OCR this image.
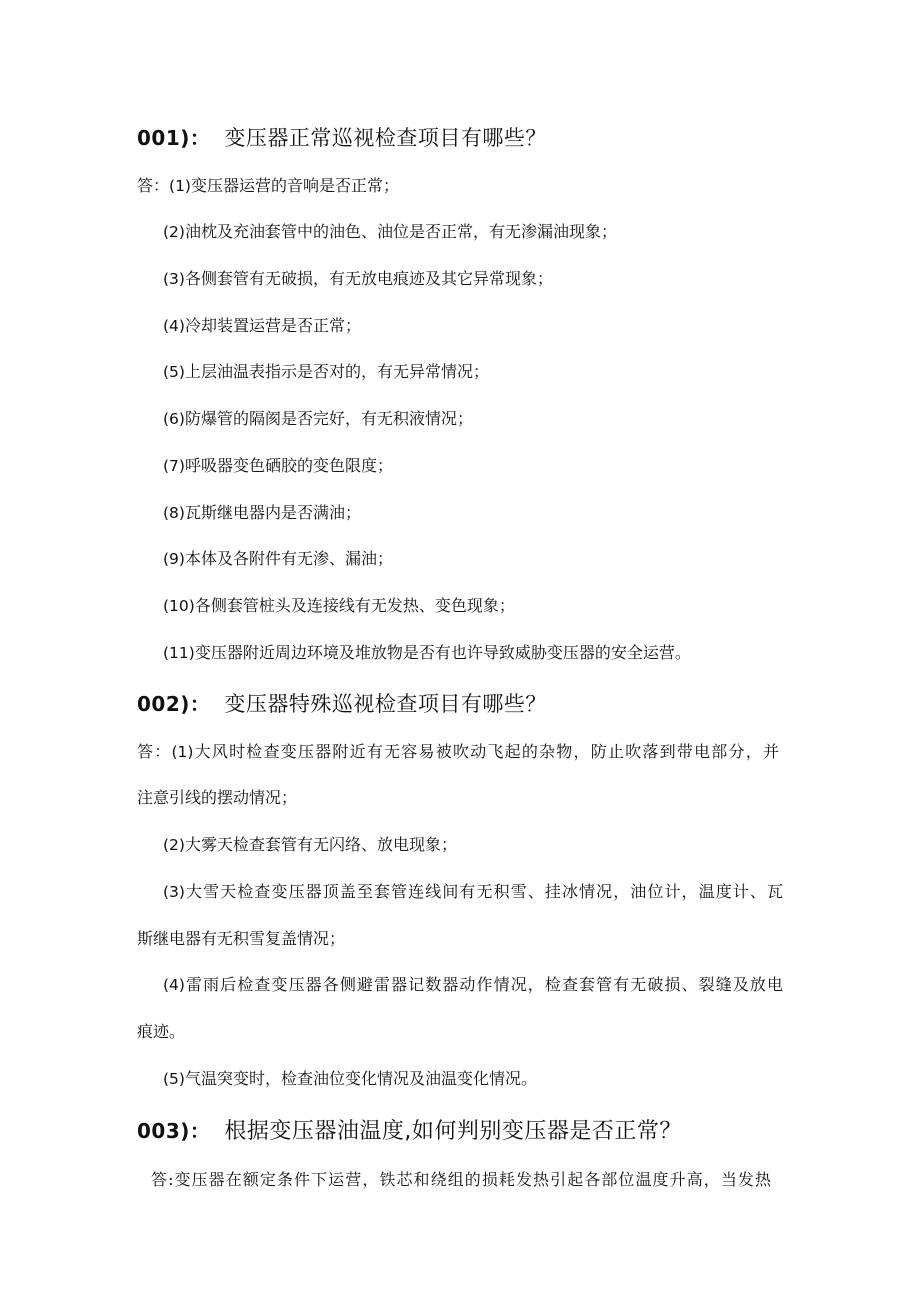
001)： 变压器正常巡视检查项目有哪些？
答：(1)变压器运营的音响是否正常；
(2)油枕及充油套管中的油色、油位是否正常，有无渗漏油现象；
(3)各侧套管有无破损，有无放电痕迹及其它异常现象；
(4)冷却装置运营是否正常；
(5)上层油温表指示是否对的，有无异常情况；
(6)防爆管的隔阂是否完好，有无积液情况；
(7)呼吸器变色硒胶的变色限度；
(8)瓦斯继电器内是否满油；
(9)本体及各附件有无渗、漏油；
(10)各侧套管桩头及连接线有无发热、变色现象；
(11)变压器附近周边环境及堆放物是否有也许导致威胁变压器的安全运营。
002)： 变压器特殊巡视检查项目有哪些？
答：(1)大风时检查变压器附近有无容易被吹动飞起的杂物，防止吹落到带电部分，并
注意引线的摆动情况；
(2)大雾天检查套管有无闪络、放电现象；
(3)大雪天检查变压器顶盖至套管连线间有无积雪、挂冰情况，油位计，温度计、瓦
斯继电器有无积雪复盖情况；
(4)雷雨后检查变压器各侧避雷器记数器动作情况，检查套管有无破损、裂缝及放电
痕迹。
(5)气温突变时，检查油位变化情况及油温变化情况。
003)： 根据变压器油温度,如何判别变压器是否正常？
答:变压器在额定条件下运营，铁芯和绕组的损耗发热引起各部位温度升高，当发热
